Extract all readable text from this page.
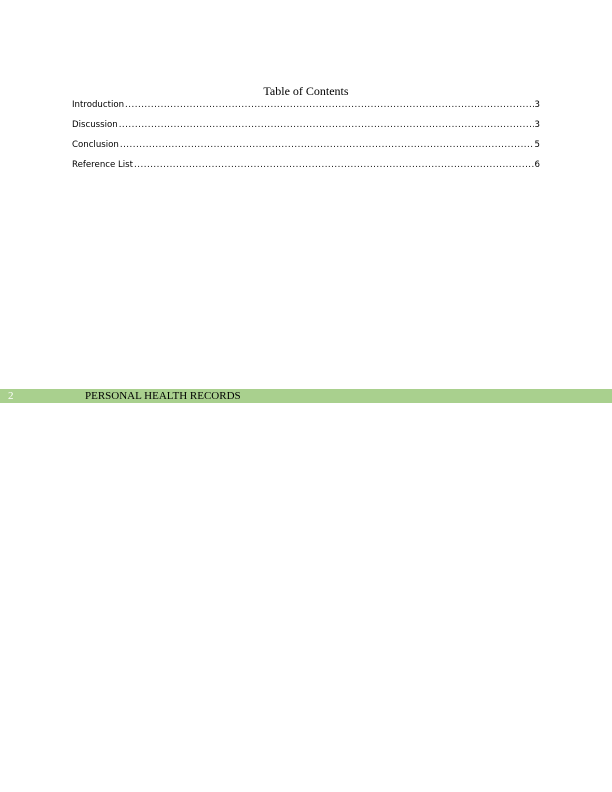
Table of Contents
Introduction .....	3
Discussion .....	3
Conclusion .....	5
Reference List .....	6
2	PERSONAL HEALTH RECORDS
